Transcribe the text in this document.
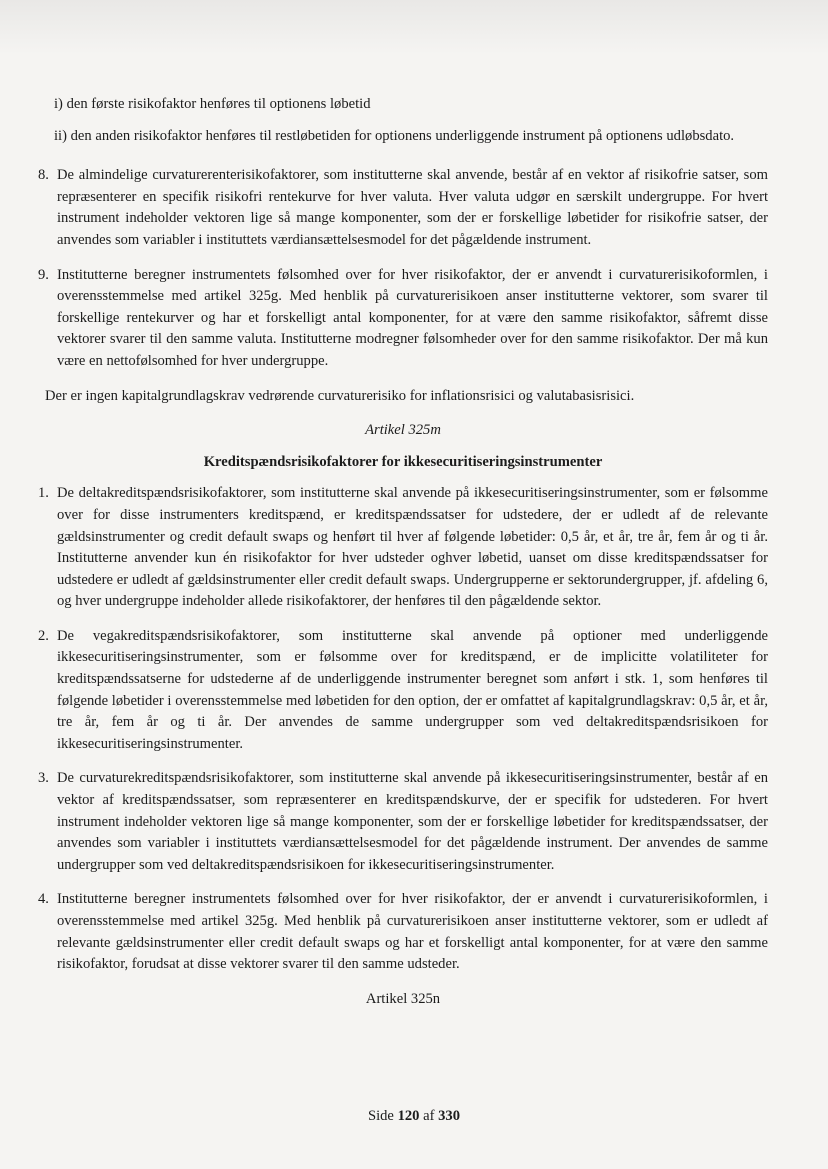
i) den første risikofaktor henføres til optionens løbetid

ii) den anden risikofaktor henføres til restløbetiden for optionens underliggende instrument på optionens udløbsdato.

8. De almindelige curvaturerenterisikofaktorer, som institutterne skal anvende, består af en vektor af risikofrie satser, som repræsenterer en specifik risikofri rentekurve for hver valuta. Hver valuta udgør en særskilt undergruppe. For hvert instrument indeholder vektoren lige så mange komponenter, som der er forskellige løbetider for risikofrie satser, der anvendes som variabler i instituttets værdiansættelsesmodel for det pågældende instrument.

9. Institutterne beregner instrumentets følsomhed over for hver risikofaktor, der er anvendt i curvaturerisikoformlen, i overensstemmelse med artikel 325g. Med henblik på curvaturerisikoen anser institutterne vektorer, som svarer til forskellige rentekurver og har et forskelligt antal komponenter, for at være den samme risikofaktor, såfremt disse vektorer svarer til den samme valuta. Institutterne modregner følsomheder over for den samme risikofaktor. Der må kun være en nettofølsomhed for hver undergruppe.

Der er ingen kapitalgrundlagskrav vedrørende curvaturerisiko for inflationsrisici og valutabasisrisici.

Artikel 325m

Kreditspændsrisikofaktorer for ikkesecuritiseringsinstrumenter

1. De deltakreditspændsrisikofaktorer, som institutterne skal anvende på ikkesecuritiseringsinstrumenter, som er følsomme over for disse instrumenters kreditspænd, er kreditspændssatser for udstedere, der er udledt af de relevante gældsinstrumenter og credit default swaps og henført til hver af følgende løbetider: 0,5 år, et år, tre år, fem år og ti år. Institutterne anvender kun én risikofaktor for hver udsteder oghver løbetid, uanset om disse kreditspændssatser for udstedere er udledt af gældsinstrumenter eller credit default swaps. Undergrupperne er sektorundergrupper, jf. afdeling 6, og hver undergruppe indeholder allede risikofaktorer, der henføres til den pågældende sektor.

2. De vegakreditspændsrisikofaktorer, som institutterne skal anvende på optioner med underliggende ikkesecuritiseringsinstrumenter, som er følsomme over for kreditspænd, er de implicitte volatiliteter for kreditspændssatserne for udstederne af de underliggende instrumenter beregnet som anført i stk. 1, som henføres til følgende løbetider i overensstemmelse med løbetiden for den option, der er omfattet af kapitalgrundlagskrav: 0,5 år, et år, tre år, fem år og ti år. Der anvendes de samme undergrupper som ved deltakreditspændsrisikoen for ikkesecuritiseringsinstrumenter.

3. De curvaturekreditspændsrisikofaktorer, som institutterne skal anvende på ikkesecuritiseringsinstrumenter, består af en vektor af kreditspændssatser, som repræsenterer en kreditspændskurve, der er specifik for udstederen. For hvert instrument indeholder vektoren lige så mange komponenter, som der er forskellige løbetider for kreditspændssatser, der anvendes som variabler i instituttets værdiansættelsesmodel for det pågældende instrument. Der anvendes de samme undergrupper som ved deltakreditspændsrisikoen for ikkesecuritiseringsinstrumenter.

4. Institutterne beregner instrumentets følsomhed over for hver risikofaktor, der er anvendt i curvaturerisikoformlen, i overensstemmelse med artikel 325g. Med henblik på curvaturerisikoen anser institutterne vektorer, som er udledt af relevante gældsinstrumenter eller credit default swaps og har et forskelligt antal komponenter, for at være den samme risikofaktor, forudsat at disse vektorer svarer til den samme udsteder.

Artikel 325n

Side 120 af 330
